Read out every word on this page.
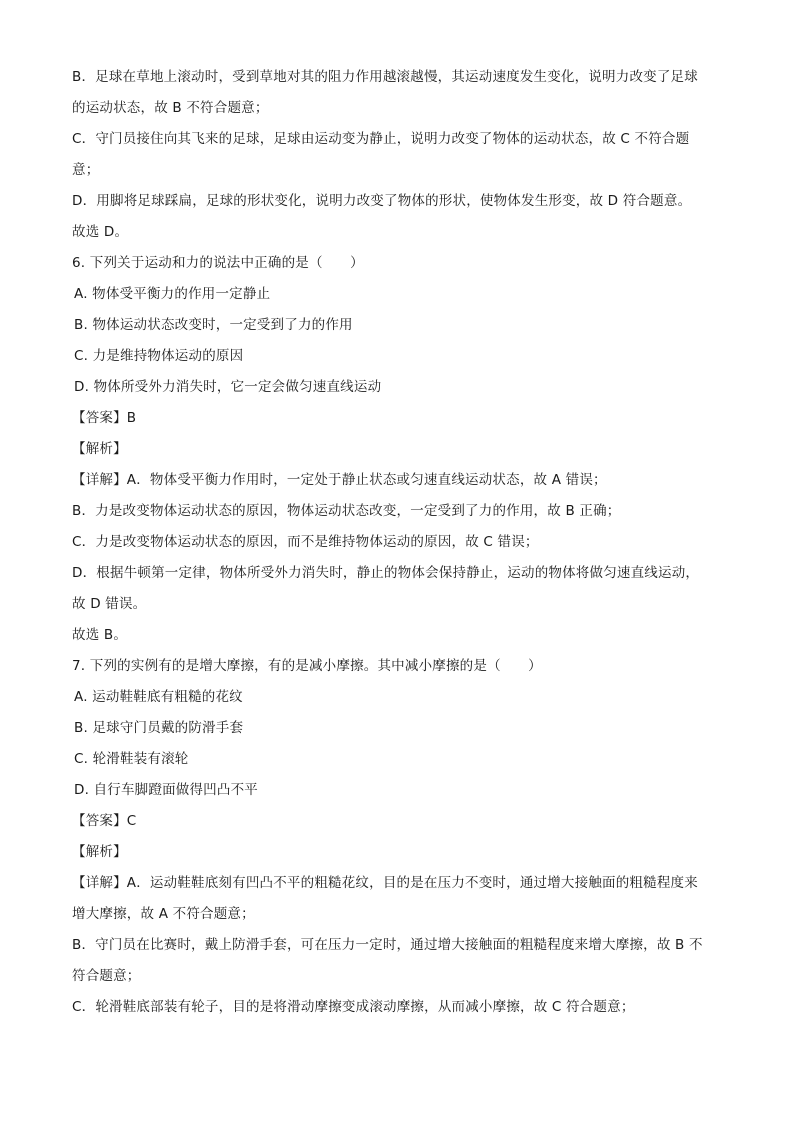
B．足球在草地上滚动时，受到草地对其的阻力作用越滚越慢，其运动速度发生变化，说明力改变了足球
的运动状态，故 B 不符合题意；
C．守门员接住向其飞来的足球，足球由运动变为静止，说明力改变了物体的运动状态，故 C 不符合题
意；
D．用脚将足球踩扁，足球的形状变化，说明力改变了物体的形状，使物体发生形变，故 D 符合题意。
故选 D。
6. 下列关于运动和力的说法中正确的是（　　）
A. 物体受平衡力的作用一定静止
B. 物体运动状态改变时，一定受到了力的作用
C. 力是维持物体运动的原因
D. 物体所受外力消失时，它一定会做匀速直线运动
【答案】B
【解析】
【详解】A．物体受平衡力作用时，一定处于静止状态或匀速直线运动状态，故 A 错误；
B．力是改变物体运动状态的原因，物体运动状态改变，一定受到了力的作用，故 B 正确；
C．力是改变物体运动状态的原因，而不是维持物体运动的原因，故 C 错误；
D．根据牛顿第一定律，物体所受外力消失时，静止的物体会保持静止，运动的物体将做匀速直线运动，
故 D 错误。
故选 B。
7. 下列的实例有的是增大摩擦，有的是减小摩擦。其中减小摩擦的是（　　）
A. 运动鞋鞋底有粗糙的花纹
B. 足球守门员戴的防滑手套
C. 轮滑鞋装有滚轮
D. 自行车脚蹬面做得凹凸不平
【答案】C
【解析】
【详解】A．运动鞋鞋底刻有凹凸不平的粗糙花纹，目的是在压力不变时，通过增大接触面的粗糙程度来
增大摩擦，故 A 不符合题意；
B．守门员在比赛时，戴上防滑手套，可在压力一定时，通过增大接触面的粗糙程度来增大摩擦，故 B 不
符合题意；
C．轮滑鞋底部装有轮子，目的是将滑动摩擦变成滚动摩擦，从而减小摩擦，故 C 符合题意；
